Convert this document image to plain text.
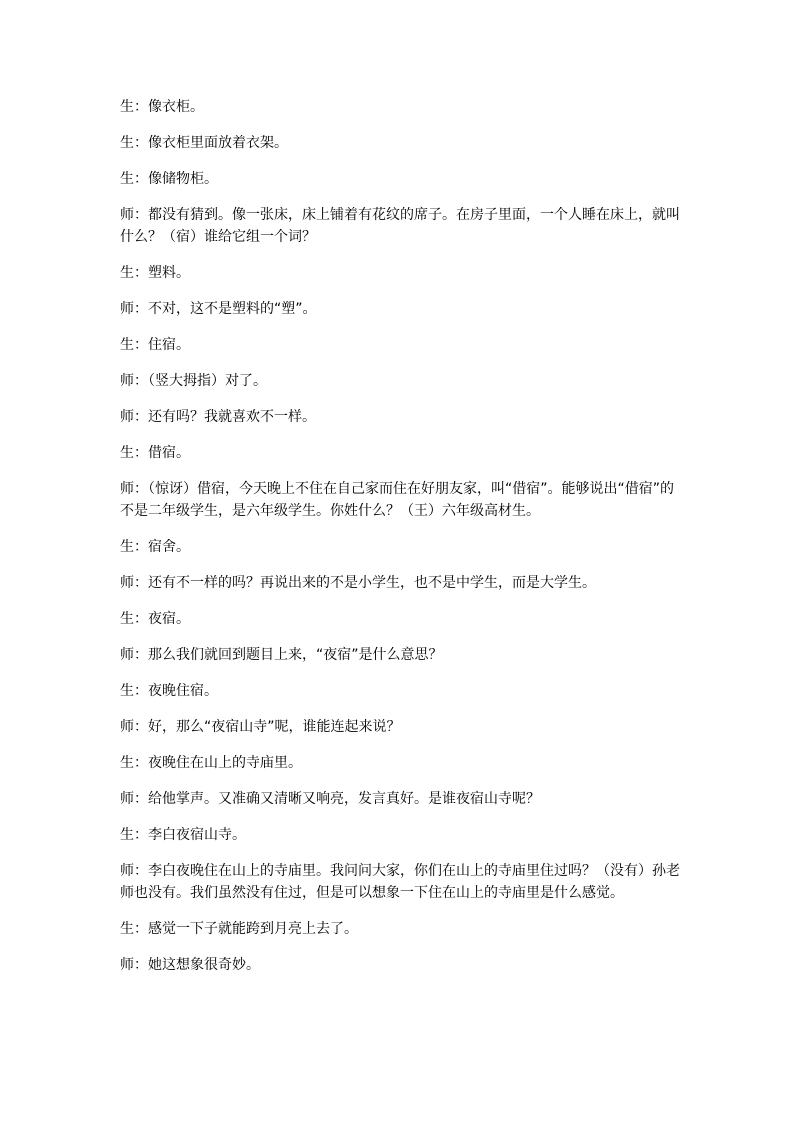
生：像衣柜。

生：像衣柜里面放着衣架。

生：像储物柜。

师：都没有猜到。像一张床，床上铺着有花纹的席子。在房子里面，一个人睡在床上，就叫什么？（宿）谁给它组一个词？

生：塑料。

师：不对，这不是塑料的“塑”。

生：住宿。

师：（竖大拇指）对了。

师：还有吗？我就喜欢不一样。

生：借宿。

师：（惊讶）借宿，今天晚上不住在自己家而住在好朋友家，叫“借宿”。能够说出“借宿”的不是二年级学生，是六年级学生。你姓什么？（王）六年级高材生。

生：宿舍。

师：还有不一样的吗？再说出来的不是小学生，也不是中学生，而是大学生。

生：夜宿。

师：那么我们就回到题目上来，“夜宿”是什么意思？

生：夜晚住宿。

师：好，那么“夜宿山寺”呢，谁能连起来说？

生：夜晚住在山上的寺庙里。

师：给他掌声。又准确又清晰又响亮，发言真好。是谁夜宿山寺呢？

生：李白夜宿山寺。

师：李白夜晚住在山上的寺庙里。我问问大家，你们在山上的寺庙里住过吗？（没有）孙老师也没有。我们虽然没有住过，但是可以想象一下住在山上的寺庙里是什么感觉。

生：感觉一下子就能跨到月亮上去了。

师：她这想象很奇妙。
